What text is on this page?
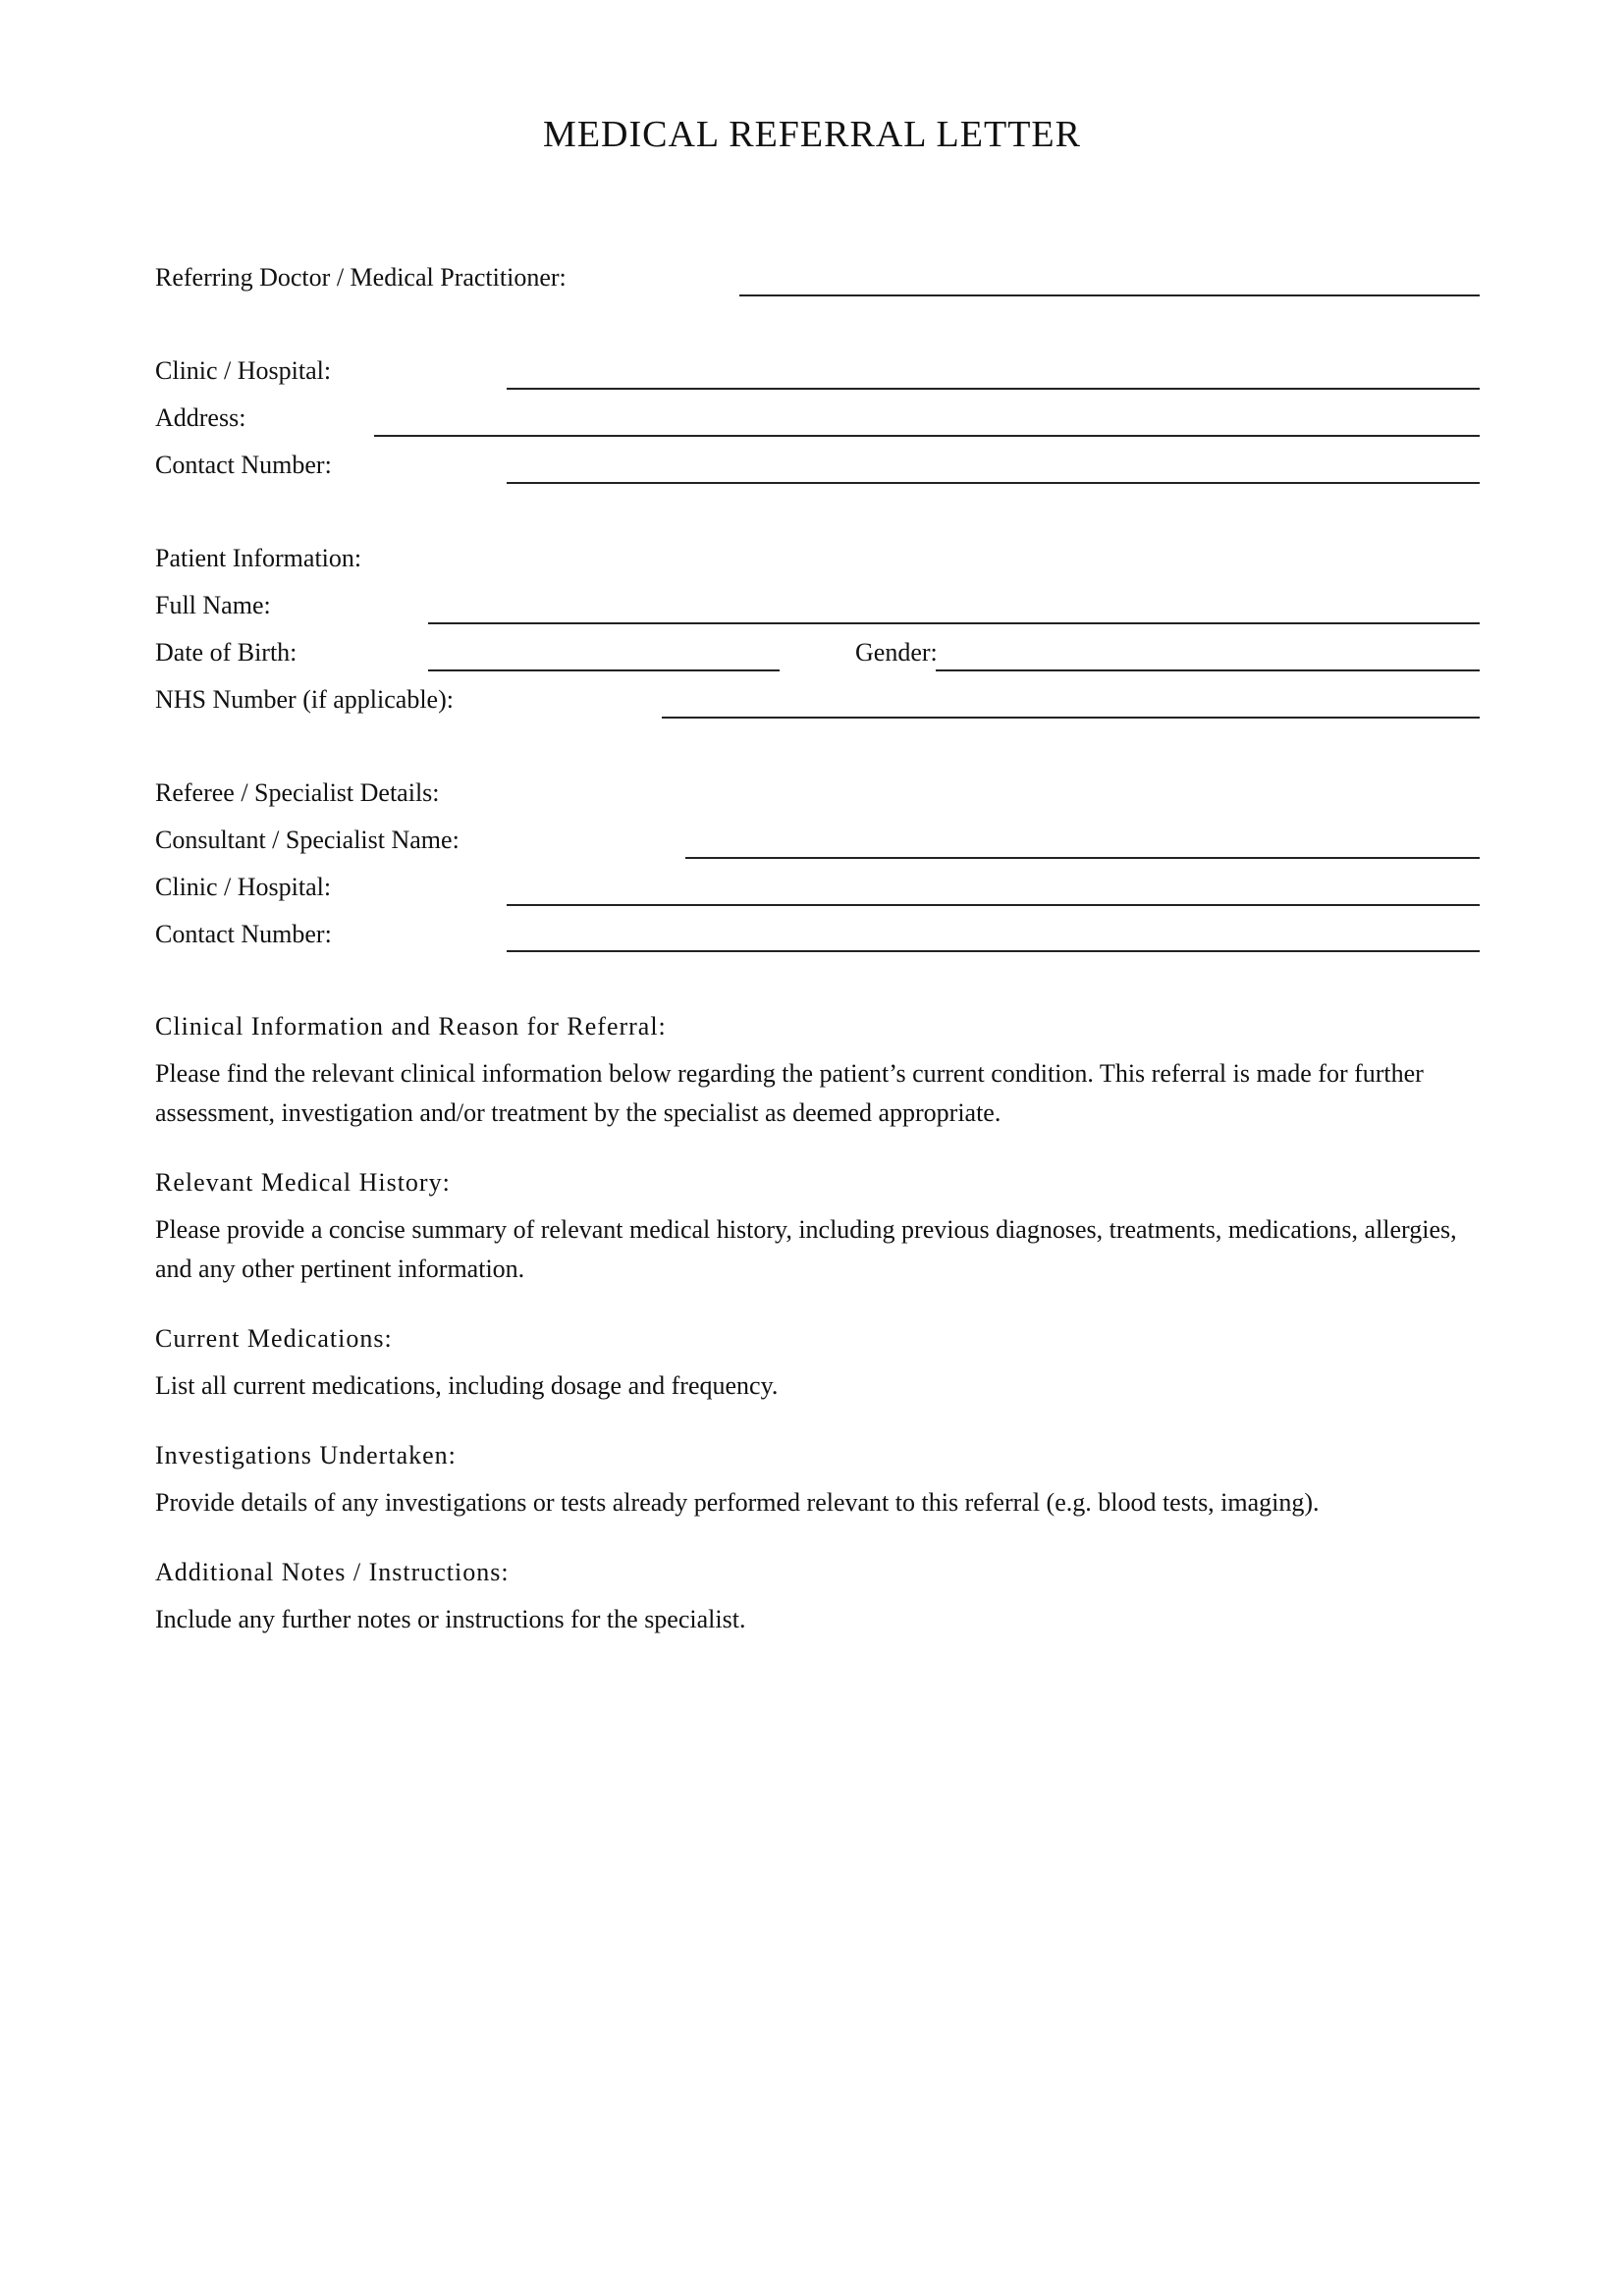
MEDICAL REFERRAL LETTER
Referring Doctor / Medical Practitioner:
Clinic / Hospital:
Address:
Contact Number:
Patient Information:
Full Name:
Date of Birth:	Gender:
NHS Number (if applicable):
Referee / Specialist Details:
Consultant / Specialist Name:
Clinic / Hospital:
Contact Number:
Clinical Information and Reason for Referral:
Please find the relevant clinical information below regarding the patient’s current condition. This referral is made for further assessment, investigation and/or treatment by the specialist as deemed appropriate.
Relevant Medical History:
Please provide a concise summary of relevant medical history, including previous diagnoses, treatments, medications, allergies, and any other pertinent information.
Current Medications:
List all current medications, including dosage and frequency.
Investigations Undertaken:
Provide details of any investigations or tests already performed relevant to this referral (e.g. blood tests, imaging).
Additional Notes / Instructions:
Include any further notes or instructions for the specialist.
